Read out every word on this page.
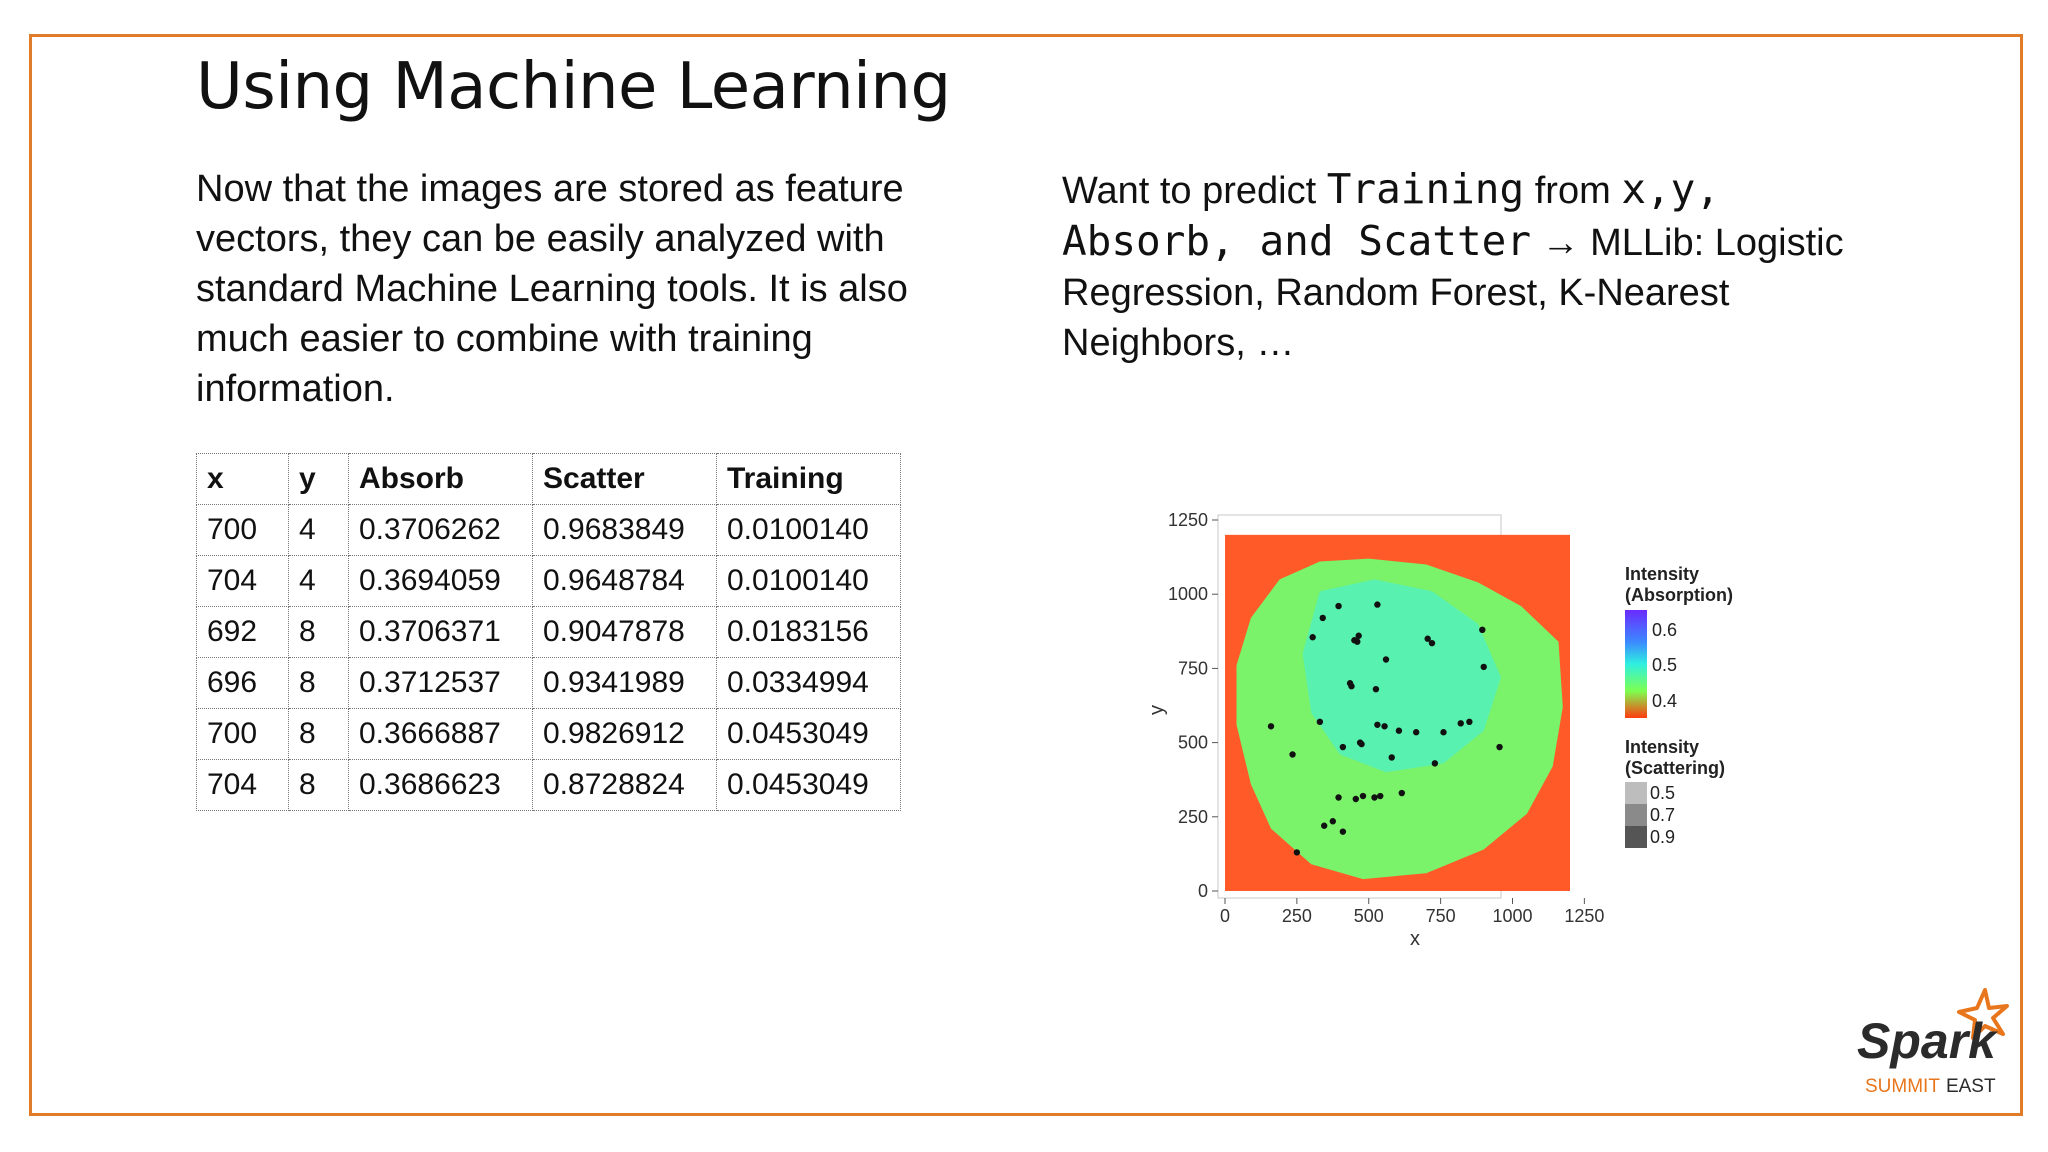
Using Machine Learning
Now that the images are stored as feature vectors, they can be easily analyzed with standard Machine Learning tools. It is also much easier to combine with training information.
Want to predict Training from x,y,
Absorb, and Scatter → MLLib: Logistic Regression, Random Forest, K-Nearest Neighbors, …
x	y	Absorb	Scatter	Training
700	4	0.3706262	0.9683849	0.0100140
704	4	0.3694059	0.9648784	0.0100140
692	8	0.3706371	0.9047878	0.0183156
696	8	0.3712537	0.9341989	0.0334994
700	8	0.3666887	0.9826912	0.0453049
704	8	0.3686623	0.8728824	0.0453049
0
0
250
250
500
500
750
750
1000
1000
1250
1250
x
y
Intensity
(Absorption)
0.6
0.5
0.4
Intensity
(Scattering)
0.5
0.7
0.9
Spark
SUMMIT EAST
